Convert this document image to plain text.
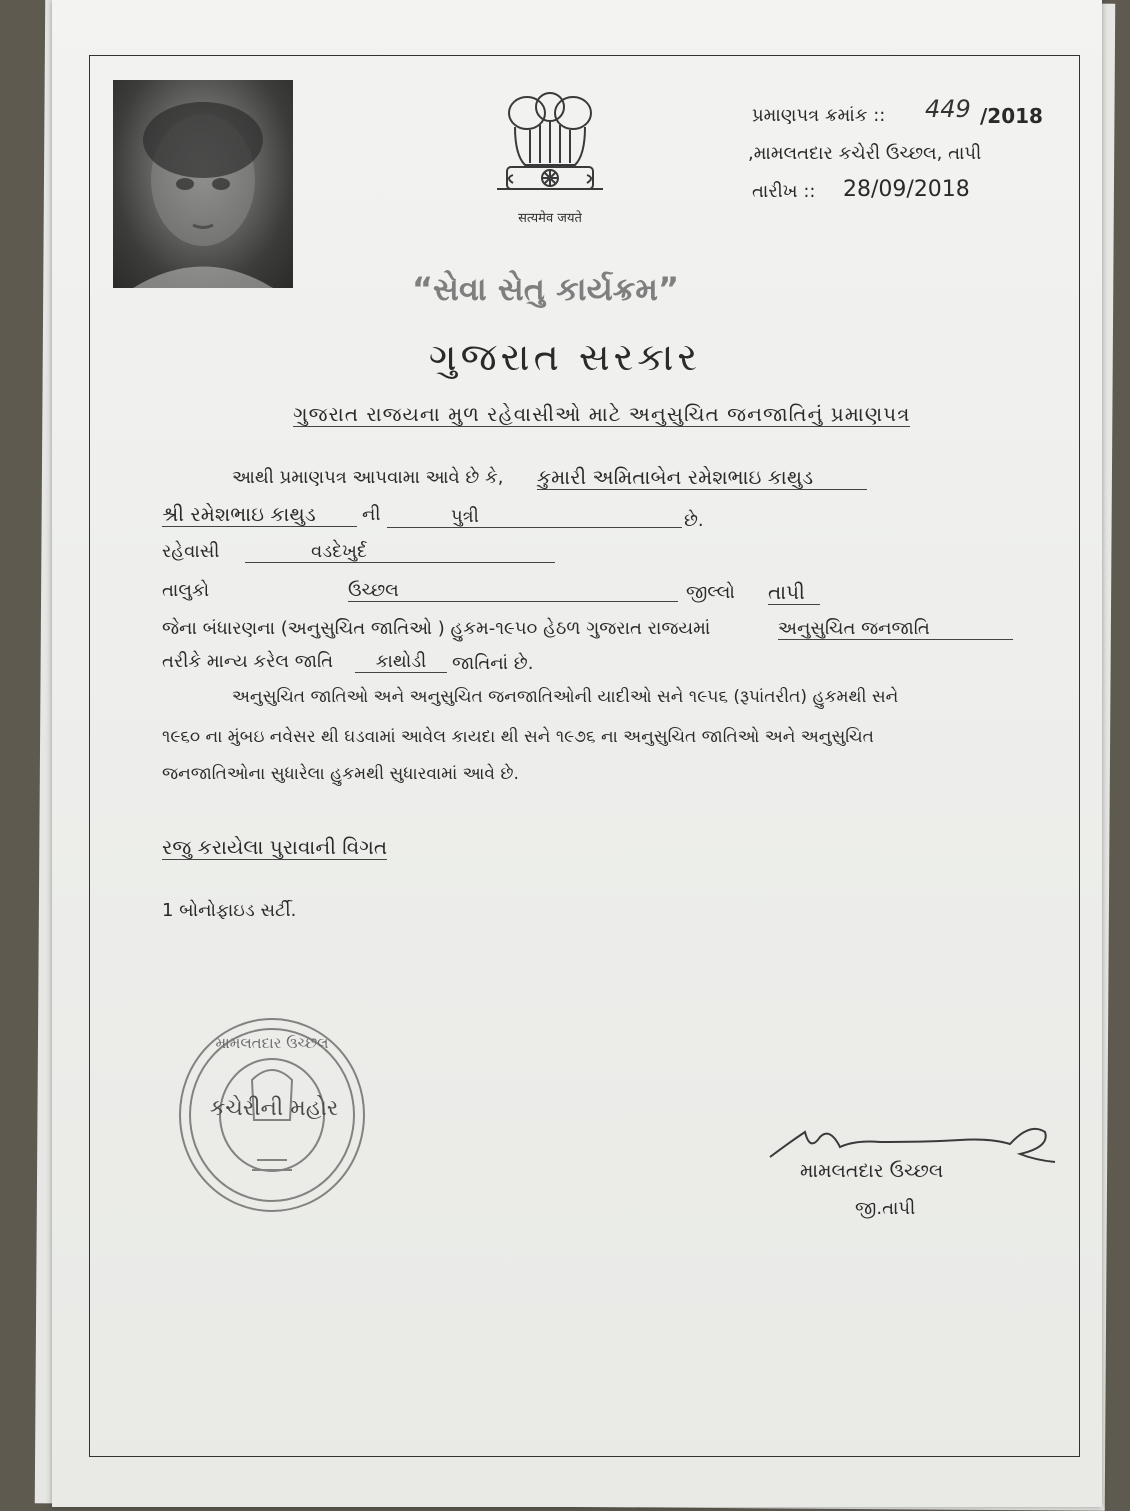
सत्यमेव जयते
પ્રમાણપત્ર ક્રમાંક :: 449 /2018
,મામલતદાર કચેરી ઉચ્છલ, તાપી
તારીખ :: 28/09/2018
“સેવા સેતુ કાર્યક્રમ”
ગુજરાત સરકાર
ગુજરાત રાજયના મુળ રહેવાસીઓ માટે અનુસુચિત જનજાતિનું પ્રમાણપત્ર
આથી પ્રમાણપત્ર આપવામા આવે છે કે, કુમારી અમિતાબેન રમેશભાઇ કાથુડ
શ્રી રમેશભાઇ કાથુડ	ની	પુત્રી	છે.
રહેવાસી	વડદેખુર્દ
તાલુકો	ઉચ્છલ	જીલ્લો તાપી
જેના બંધારણના (અનુસુચિત જાતિઓ ) હુકમ-૧૯૫૦ હેઠળ ગુજરાત રાજયમાં	અનુસુચિત જનજાતિ
તરીકે માન્ય કરેલ જાતિ	કાથોડી	જાતિનાં છે.
અનુસુચિત જાતિઓ અને અનુસુચિત જનજાતિઓની યાદીઓ સને ૧૯૫૬ (રૂપાંતરીત) હુકમથી સને
૧૯૬૦ ના મુંબઇ નવેસર થી ઘડવામાં આવેલ કાયદા થી સને ૧૯૭૬ ના અનુસુચિત જાતિઓ અને અનુસુચિત
જનજાતિઓના સુધારેલા હુકમથી સુધારવામાં આવે છે.
રજુ કરાયેલા પુરાવાની વિગત
1 બોનોફાઇડ સર્ટી.
મામલતદાર ઉચ્છલ
કચેરીની મહોર
મામલતદાર ઉચ્છલ
જી.તાપી
